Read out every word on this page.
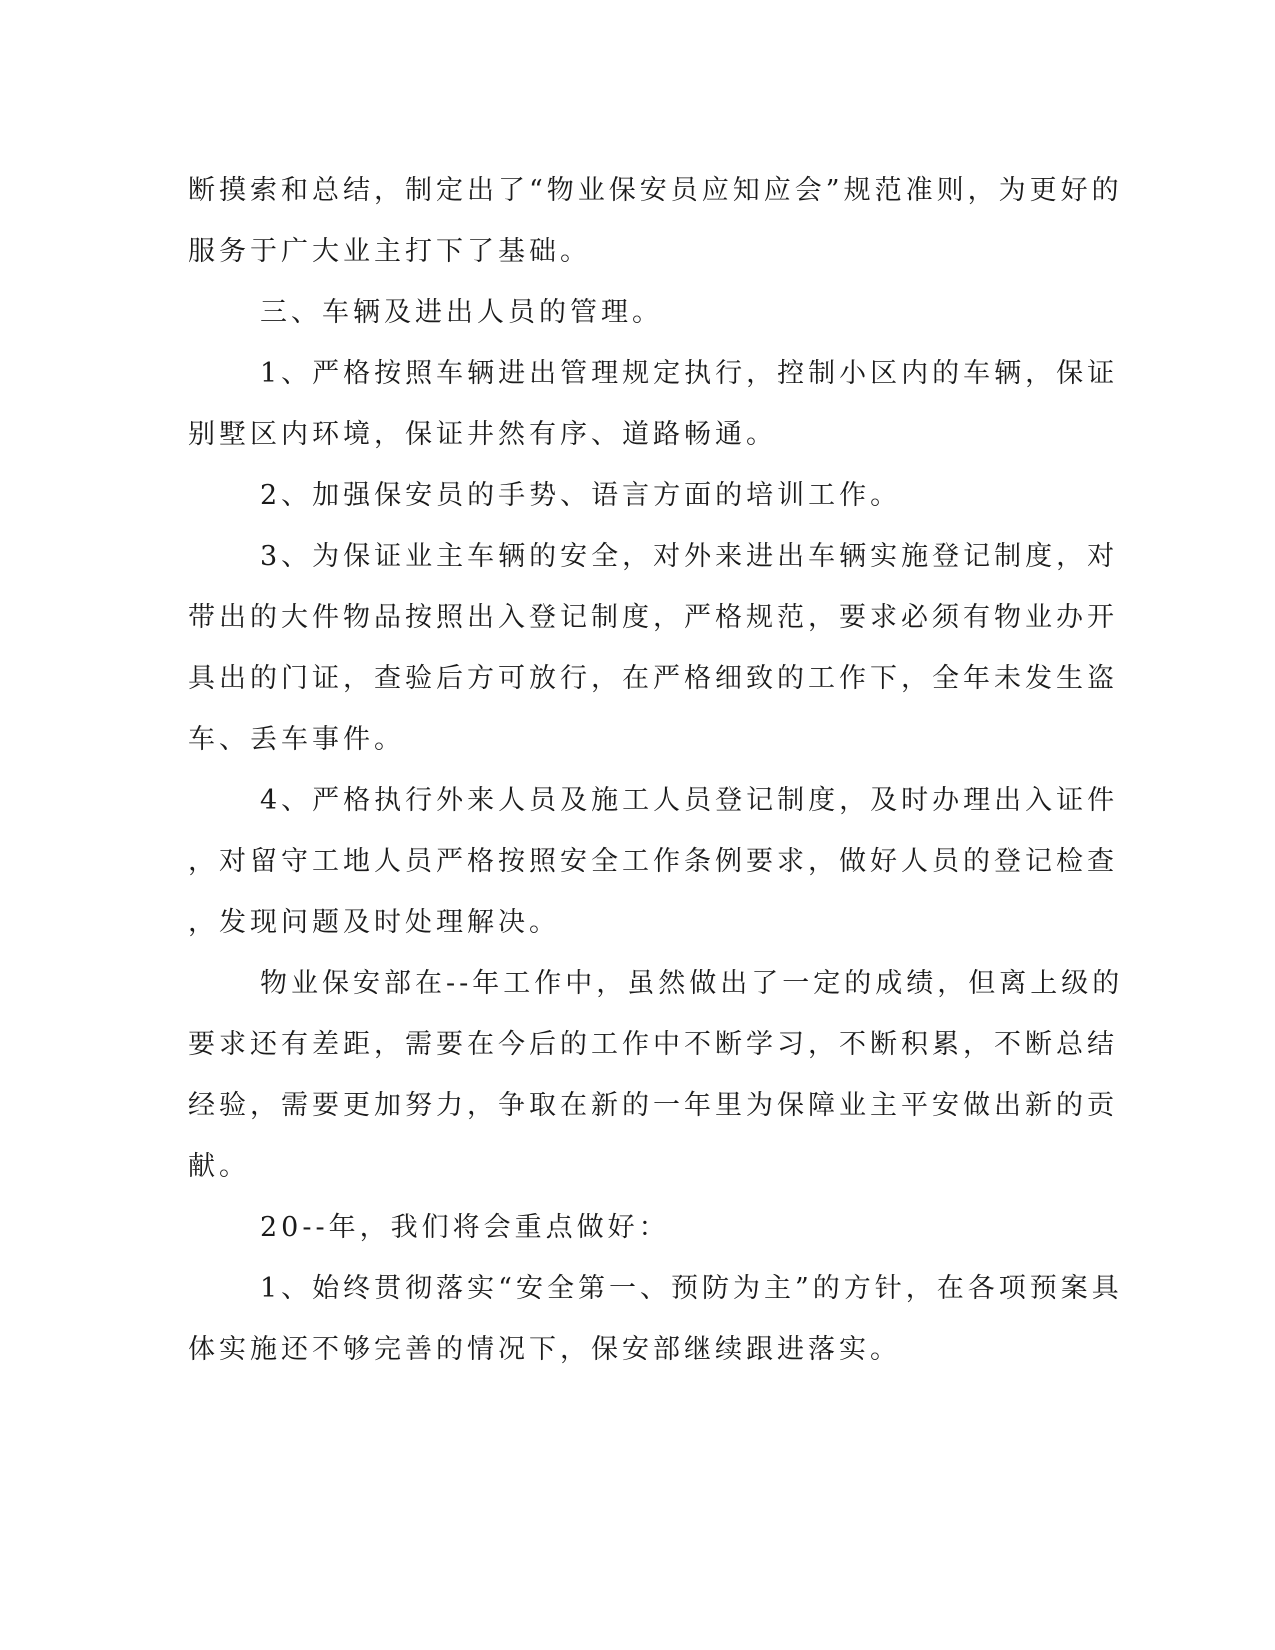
断摸索和总结，制定出了“物业保安员应知应会”规范准则，为更好的
服务于广大业主打下了基础。
三、车辆及进出人员的管理。
1、严格按照车辆进出管理规定执行，控制小区内的车辆，保证
别墅区内环境，保证井然有序、道路畅通。
2、加强保安员的手势、语言方面的培训工作。
3、为保证业主车辆的安全，对外来进出车辆实施登记制度，对
带出的大件物品按照出入登记制度，严格规范，要求必须有物业办开
具出的门证，查验后方可放行，在严格细致的工作下，全年未发生盗
车、丢车事件。
4、严格执行外来人员及施工人员登记制度，及时办理出入证件
，对留守工地人员严格按照安全工作条例要求，做好人员的登记检查
，发现问题及时处理解决。
物业保安部在--年工作中，虽然做出了一定的成绩，但离上级的
要求还有差距，需要在今后的工作中不断学习，不断积累，不断总结
经验，需要更加努力，争取在新的一年里为保障业主平安做出新的贡
献。
20--年，我们将会重点做好：
1、始终贯彻落实“安全第一、预防为主”的方针，在各项预案具
体实施还不够完善的情况下，保安部继续跟进落实。
